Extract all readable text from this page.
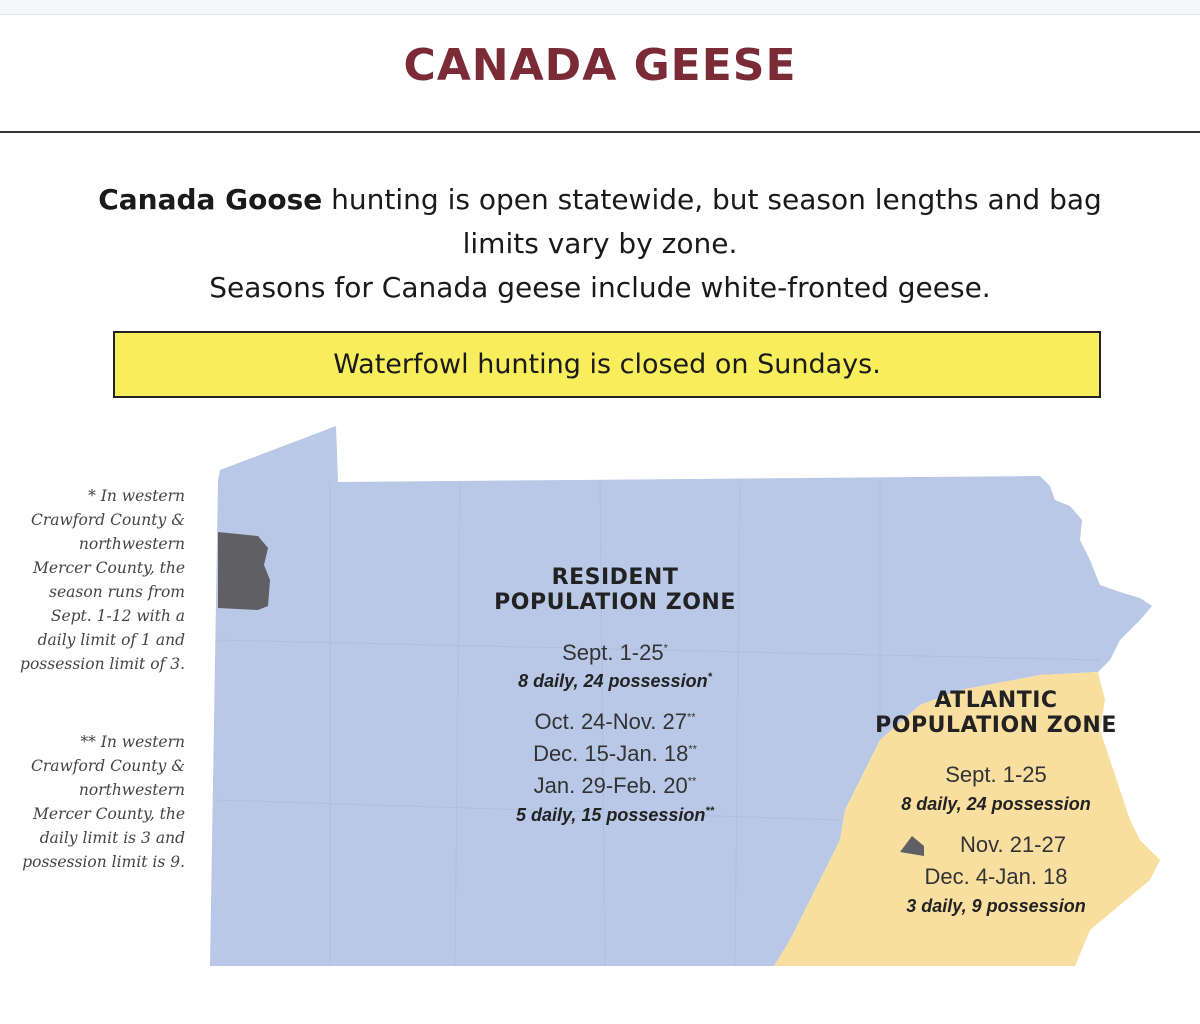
CANADA GEESE
Canada Goose hunting is open statewide, but season lengths and bag limits vary by zone.
Seasons for Canada geese include white-fronted geese.
Waterfowl hunting is closed on Sundays.
* In western Crawford County & northwestern Mercer County, the season runs from Sept. 1-12 with a daily limit of 1 and possession limit of 3.
** In western Crawford County & northwestern Mercer County, the daily limit is 3 and possession limit is 9.
RESIDENT
POPULATION ZONE
Sept. 1-25*
8 daily, 24 possession*
Oct. 24-Nov. 27**
Dec. 15-Jan. 18**
Jan. 29-Feb. 20**
5 daily, 15 possession**
ATLANTIC
POPULATION ZONE
Sept. 1-25
8 daily, 24 possession
Nov. 21-27
Dec. 4-Jan. 18
3 daily, 9 possession
